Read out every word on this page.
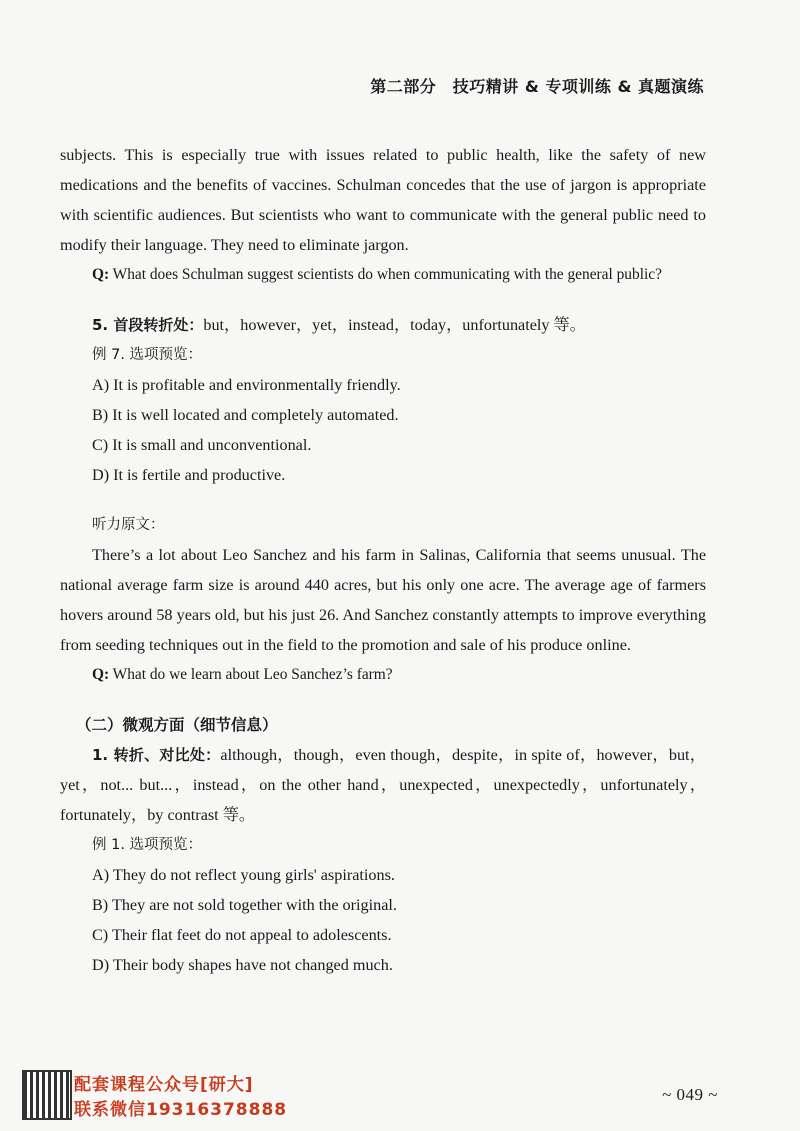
第二部分　技巧精讲 & 专项训练 & 真题演练

subjects. This is especially true with issues related to public health, like the safety of new medications and the benefits of vaccines. Schulman concedes that the use of jargon is appropriate with scientific audiences. But scientists who want to communicate with the general public need to modify their language. They need to eliminate jargon.

Q: What does Schulman suggest scientists do when communicating with the general public?

5. 首段转折处：but，however，yet，instead，today，unfortunately 等。

例 7. 选项预览：

A) It is profitable and environmentally friendly.

B) It is well located and completely automated.

C) It is small and unconventional.

D) It is fertile and productive.

听力原文：

There’s a lot about Leo Sanchez and his farm in Salinas, California that seems unusual. The national average farm size is around 440 acres, but his only one acre. The average age of farmers hovers around 58 years old, but his just 26. And Sanchez constantly attempts to improve everything from seeding techniques out in the field to the promotion and sale of his produce online.

Q: What do we learn about Leo Sanchez’s farm?

（二）微观方面（细节信息）

1. 转折、对比处：although，though，even though，despite，in spite of，however，but，yet，not... but...，instead，on the other hand，unexpected，unexpectedly，unfortunately，fortunately，by contrast 等。

例 1. 选项预览：

A) They do not reflect young girls' aspirations.

B) They are not sold together with the original.

C) Their flat feet do not appeal to adolescents.

D) Their body shapes have not changed much.

配套课程公众号[研大]
联系微信19316378888
~ 049 ~
